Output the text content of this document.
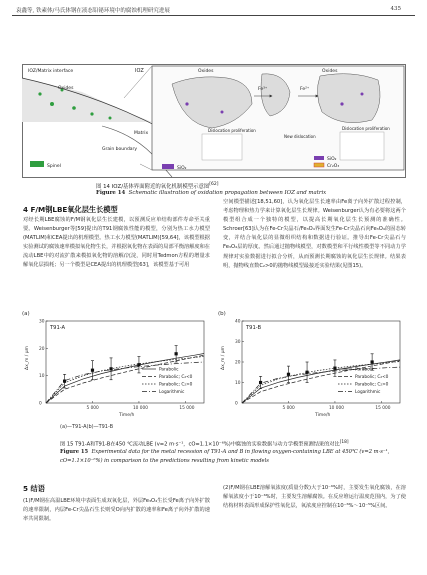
袁鑫等, 铁素体/马氏体钢在液态铅铋环境中的腐蚀机理研究进展	435
IOZ/Matrix interface	IOZ
Oxides
Oxides	Oxides
Fe³⁺	Fe²⁺
Dislocation proliferation	Dislocation proliferation
New dislocation
Matrix
Grain boundary
Spinel	SiO₂
SiO₂
Cr₂O₃
图 14 IOZ/基体界面附近的氧化机制模型示意图[62]
Figure 14 Schematic illustration of oxidation propagation between IOZ and matrix
4 F/M钢LBE氧化层生长模型
对经长期LBE腐蚀的F/M钢氧化层生长建模，以预测反应单结构部件寿命至关重要。Weisenburger等[59]提出的T91钢腐蚀性能的模型，分别为热工水力模型(MATLIM)和CEA提出的机理模型。热工水力模型(MATLIM)[59,64]，该模型根据实验测试的腐蚀速率模拟氧化物生长，并根据氧化物在表面的局部平衡溶解度和在流动LBE中的对流扩散来模拟氧化物的溶解/沉淀，同时用Tedmon方程的增量求解氧化层损耗；另一个模型是CEA提出的机理模型[63]，该模型基于可用
空间模型描述[18,51,60]，认为氧化层生长速率由Fe离子向外扩散过程控制，考虑物理和热力学来计算氧化层生长规律。Weisenburger认为有必要将这两个模型组合成一个独特的模型，以提高长期氧化层生长预测的准确性。Schroer[63]认为在Fe-Cr尖晶石/Fe₃O₄界面发生Fe-Cr尖晶石向Fe₃O₄的固态转变，并结合氧化层的显微组织结构和数据进行验证。推导出Fe-Cr尖晶石与Fe₃O₄层的厚度。然后通过抛物线模型，对数模型和平行线性模型等不同动力学规律对实验数据进行拟合分析，从而预测长期腐蚀的氧化层生长规律。结果表明，抛物线直数C₂>0的抛物线模型最接近实验结果(见图15)。
T91-A
5 000	10 000	15 000
Time/h
0
10
20
30
Δx_m / μm
Parabolic
Parabolic; C₂<0
Parabolic; C₂>0
Logarithmic
T91-B
5 000	10 000	15 000
Time/h
0
10
20
30
40
Δx_m / μm
Parabolic
Parabolic; C₂<0
Parabolic; C₂>0
Logarithmic
(a)	(b)
(a)—T91-A(b)—T91-B
图 15 T91-A和T91-B在450 ℃流动LBE (v=2 m·s⁻¹，cO=1.1×10⁻⁶%)中腐蚀的实验数据与动力学模型预测结果的对比[18]
Figure 15 Experimental data for the metal recession of T91-A and B in flowing oxygen-containing LBE at 450℃ (v=2 m·s⁻¹, cO=1.1×10⁻⁶%) in comparison to the predictions resulting from kinetic models
5 结语
(1)F/M钢在高温LBE环境中表面生成双氧化层，外层Fe₃O₄生长受Fe离子向外扩散的速率限制，内层Fe-Cr尖晶石生长则受O向内扩散的速率和Fe离子向外扩散的速率共同限制。
(2)F/M钢在LBE溶解氧浓度(质量分数)大于10⁻⁶%时，主要发生氧化腐蚀，在溶解氧浓度小于10⁻⁶%时，主要发生溶解腐蚀。在反应堆运行温度范围内，为了使结构材料表面形成保护性氧化层，氧浓度应控制在10⁻⁶%～10⁻⁵%区间。
